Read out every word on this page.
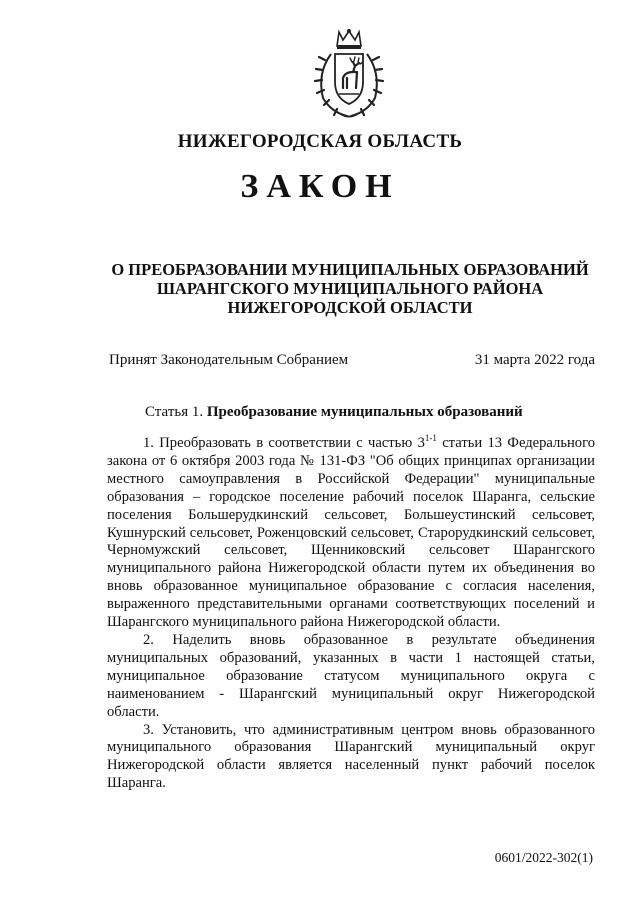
НИЖЕГОРОДСКАЯ ОБЛАСТЬ
ЗАКОН
О ПРЕОБРАЗОВАНИИ МУНИЦИПАЛЬНЫХ ОБРАЗОВАНИЙ
ШАРАНГСКОГО МУНИЦИПАЛЬНОГО РАЙОНА
НИЖЕГОРОДСКОЙ ОБЛАСТИ
Принят Законодательным Собранием	31 марта 2022 года
Статья 1. Преобразование муниципальных образований

1. Преобразовать в соответствии с частью 3$^{1-1}$ статьи 13 Федерального закона от 6 октября 2003 года № 131-ФЗ "Об общих принципах организации местного самоуправления в Российской Федерации" муниципальные образования – городское поселение рабочий поселок Шаранга, сельские поселения Большерудкинский сельсовет, Большеустинский сельсовет, Кушнурский сельсовет, Роженцовский сельсовет, Старорудкинский сельсовет, Черномужский сельсовет, Щенниковский сельсовет Шарангского муниципального района Нижегородской области путем их объединения во вновь образованное муниципальное образование с согласия населения, выраженного представительными органами соответствующих поселений и Шарангского муниципального района Нижегородской области.

2. Наделить вновь образованное в результате объединения муниципальных образований, указанных в части 1 настоящей статьи, муниципальное образование статусом муниципального округа с наименованием - Шарангский муниципальный округ Нижегородской области.

3. Установить, что административным центром вновь образованного муниципального образования Шарангский муниципальный округ Нижегородской области является населенный пункт рабочий поселок Шаранга.

0601/2022-302(1)
